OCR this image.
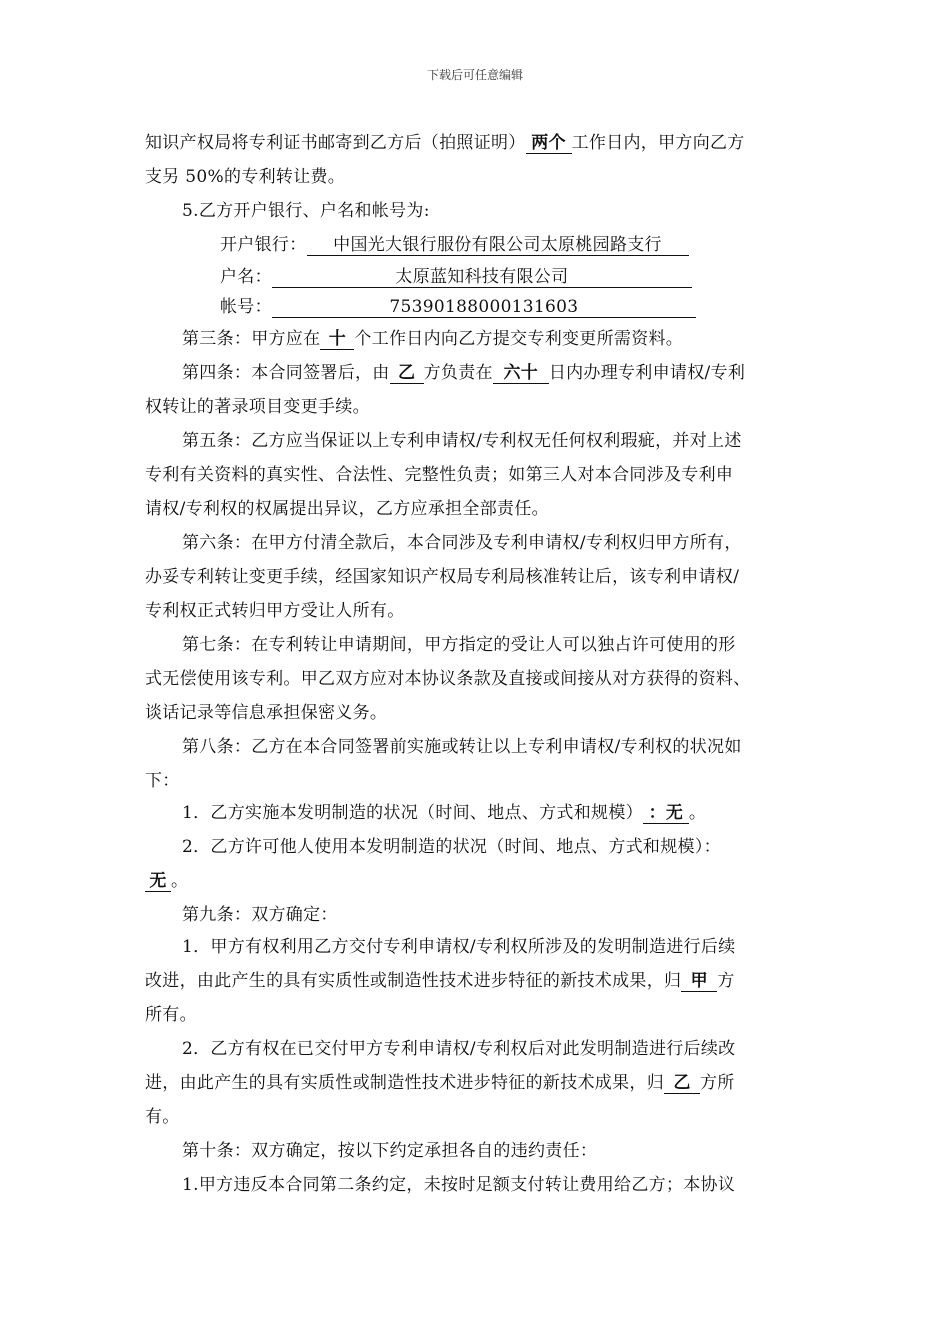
下载后可任意编辑
知识产权局将专利证书邮寄到乙方后（拍照证明） 两个 工作日内，甲方向乙方
支另 50%的专利转让费。
5.乙方开户银行、户名和帐号为:
开户银行： 中国光大银行服份有限公司太原桃园路支行
户名：	太原蓝知科技有限公司
帐号：	75390188000131603
第三条：甲方应在 十 个工作日内向乙方提交专利变更所需资料。
第四条：本合同签署后，由 乙 方负责在 六十 日内办理专利申请权/专利
权转让的著录项目变更手续。
第五条：乙方应当保证以上专利申请权/专利权无任何权利瑕疵，并对上述
专利有关资料的真实性、合法性、完整性负责；如第三人对本合同涉及专利申
请权/专利权的权属提出异议，乙方应承担全部责任。
第六条：在甲方付清全款后，本合同涉及专利申请权/专利权归甲方所有，
办妥专利转让变更手续，经国家知识产权局专利局核准转让后，该专利申请权/
专利权正式转归甲方受让人所有。
第七条：在专利转让申请期间，甲方指定的受让人可以独占许可使用的形
式无偿使用该专利。甲乙双方应对本协议条款及直接或间接从对方获得的资料、
谈话记录等信息承担保密义务。
第八条：乙方在本合同签署前实施或转让以上专利申请权/专利权的状况如
下：
1．乙方实施本发明制造的状况（时间、地点、方式和规模） ：无 。
2．乙方许可他人使用本发明制造的状况（时间、地点、方式和规模）：
无 。
第九条：双方确定：
1．甲方有权利用乙方交付专利申请权/专利权所涉及的发明制造进行后续
改进，由此产生的具有实质性或制造性技术进步特征的新技术成果，归 甲 方
所有。
2．乙方有权在已交付甲方专利申请权/专利权后对此发明制造进行后续改
进，由此产生的具有实质性或制造性技术进步特征的新技术成果，归 乙 方所
有。
第十条：双方确定，按以下约定承担各自的违约责任：
1.甲方违反本合同第二条约定，未按时足额支付转让费用给乙方；本协议
